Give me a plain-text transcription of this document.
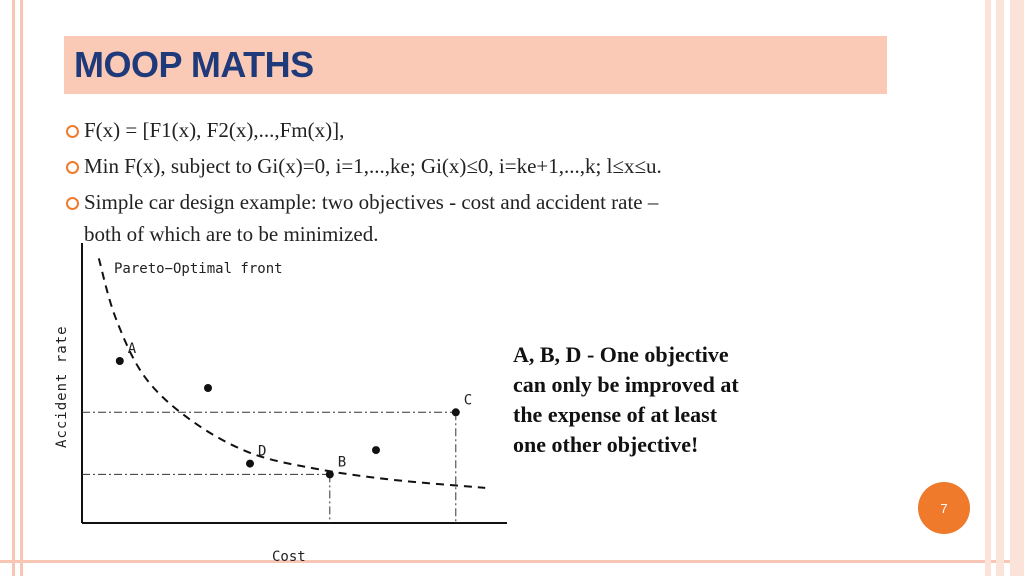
MOOP MATHS
F(x) = [F1(x), F2(x),...,Fm(x)],
Min F(x), subject to Gi(x)=0, i=1,...,ke; Gi(x)≤0, i=ke+1,...,k; l≤x≤u.
Simple car design example: two objectives - cost and accident rate –
both of which are to be minimized.
A
C
D
B
Pareto−Optimal front
Cost
Accident rate	A, B, D - One objective
can only be improved at
the expense of at least
one other objective!
7
